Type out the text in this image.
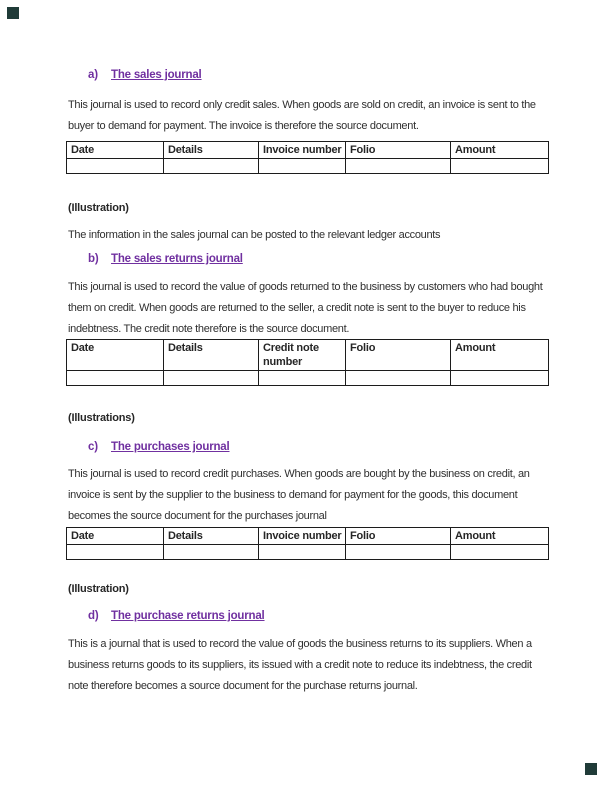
a)	The sales journal

This journal is used to record only credit sales. When goods are sold on credit, an invoice is sent to the buyer to demand for payment. The invoice is therefore the source document.

Date	Details	Invoice number	Folio	Amount

(Illustration)

The information in the sales journal can be posted to the relevant ledger accounts

b)	The sales returns journal

This journal is used to record the value of goods returned to the business by customers who had bought them on credit. When goods are returned to the seller, a credit note is sent to the buyer to reduce his indebtness. The credit note therefore is the source document.

Date	Details	Credit note number	Folio	Amount

(Illustrations)

c)	The purchases journal

This journal is used to record credit purchases. When goods are bought by the business on credit, an invoice is sent by the supplier to the business to demand for payment for the goods, this document becomes the source document for the purchases journal

Date	Details	Invoice number	Folio	Amount

(Illustration)

d)	The purchase returns journal

This is a journal that is used to record the value of goods the business returns to its suppliers. When a business returns goods to its suppliers, its issued with a credit note to reduce its indebtness, the credit note therefore becomes a source document for the purchase returns journal.
